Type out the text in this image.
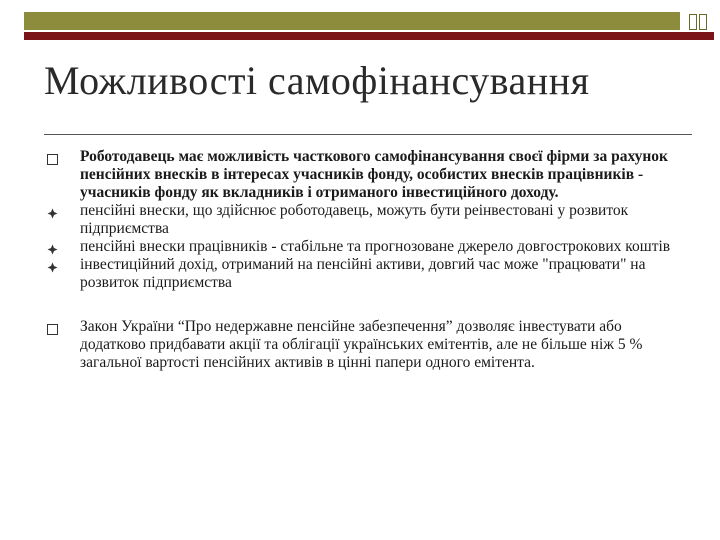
Можливості самофінансування
Роботодавець має можливість часткового самофінансування своєї фірми за рахунок пенсійних внесків в інтересах учасників фонду, особистих внесків працівників - учасників фонду як вкладників і отриманого інвестиційного доходу.
пенсійні внески, що здійснює роботодавець, можуть бути реінвестовані у розвиток підприємства
пенсійні внески працівників - стабільне та прогнозоване джерело довгострокових коштів
інвестиційний дохід, отриманий на пенсійні активи, довгий час може "працювати" на розвиток підприємства
Закон України “Про недержавне пенсійне забезпечення” дозволяє інвестувати або додатково придбавати акції та облігації українських емітентів, але не більше ніж 5 % загальної вартості пенсійних активів в цінні папери одного емітента.
